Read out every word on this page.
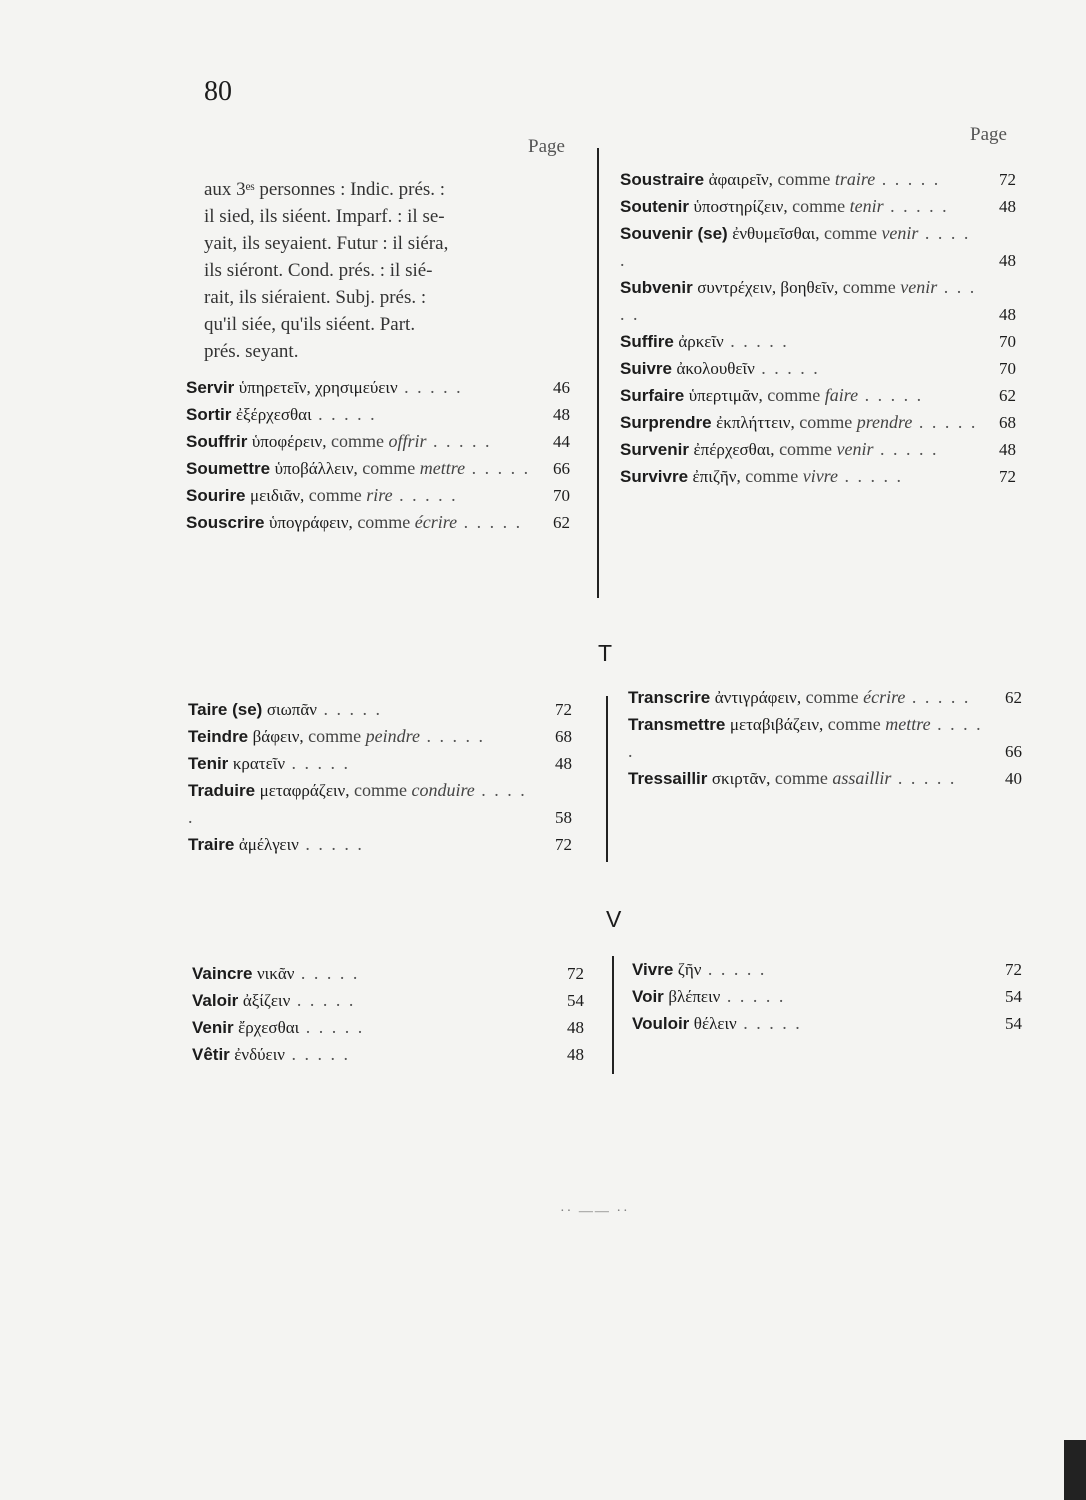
80
Page
Page
aux 3ᵉˢ personnes : Indic. prés. :
il sied, ils siéent. Imparf. : il se-
yait, ils seyaient. Futur : il siéra,
ils siéront. Cond. prés. : il sié-
rait, ils siéraient. Subj. prés. :
qu'il siée, qu'ils siéent. Part.
prés. seyant.
Servir ὑπηρετεῖν, χρησιμεύειν . . . . .	46
Sortir ἐξέρχεσθαι . . . . .	48
Souffrir ὑποφέρειν, comme offrir . . . . .	44
Soumettre ὑποβάλλειν, comme mettre . . . . . 66
Sourire μειδιᾶν, comme rire . . . . .	70
Souscrire ὑπογράφειν, comme écrire . . . . . 62
Soustraire ἀφαιρεῖν, comme traire . . . . .	72
Soutenir ὑποστηρίζειν, comme tenir . . . . .	48
Souvenir (se) ἐνθυμεῖσθαι, comme venir . . . . .	48
Subvenir συντρέχειν, βοηθεῖν, comme venir . . . . .	48
Suffire ἀρκεῖν . . . . .	70
Suivre ἀκολουθεῖν . . . . .	70
Surfaire ὑπερτιμᾶν, comme faire . . . . .	62
Surprendre ἐκπλήττειν, comme prendre . . . . . 68
Survenir ἐπέρχεσθαι, comme venir . . . . .	48
Survivre ἐπιζῆν, comme vivre . . . . .	72
T
Taire (se) σιωπᾶν . . . . .	72
Teindre βάφειν, comme peindre . . . . .	68
Tenir κρατεῖν . . . . .	48
Traduire μεταφράζειν, comme conduire . . . . .	58
Traire ἀμέλγειν . . . . .	72
Transcrire ἀντιγράφειν, comme écrire . . . . . 62
Transmettre μεταβιβάζειν, comme mettre . . . . .	66
Tressaillir σκιρτᾶν, comme assaillir . . . . .	40
V
Vaincre νικᾶν . . . . .	72
Valoir ἀξίζειν . . . . .	54
Venir ἔρχεσθαι . . . . .	48
Vêtir ἐνδύειν . . . . .	48
Vivre ζῆν . . . . .	72
Voir βλέπειν . . . . .	54
Vouloir θέλειν . . . . .	54
·· —— ··
